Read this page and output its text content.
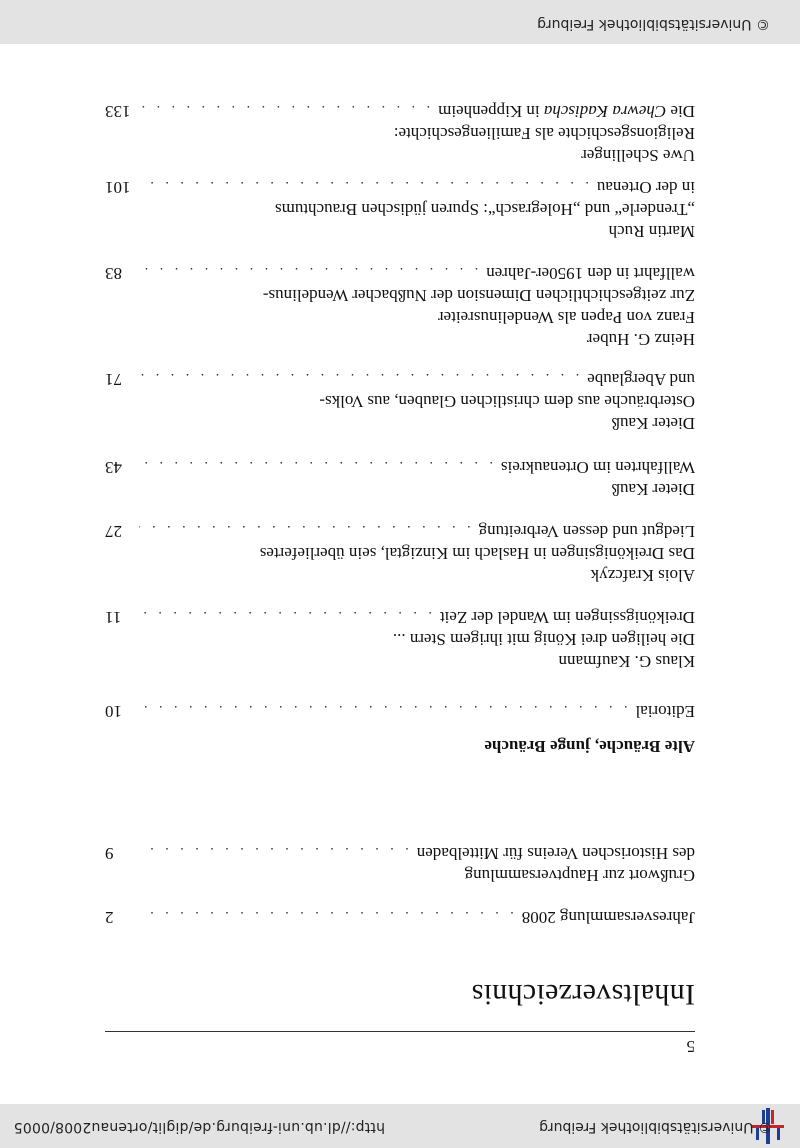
© Universitätsbibliothek Freiburg
http://dl.ub.uni-freiburg.de/diglit/ortenau2008/0005
5
Inhaltsverzeichnis
Jahresversammlung 2008
. . .
2
Grußwort zur Hauptversammlung
des Historischen Vereins für Mittelbaden
. . .
9
Alte Bräuche, junge Bräuche
Editorial
. . .
10
Klaus G. Kaufmann
Die heiligen drei König mit ihrigem Stern ...
Dreikönigssingen im Wandel der Zeit
. . .
11
Alois Krafczyk
Das Dreikönigsingen in Haslach im Kinzigtal, sein überliefertes
Liedgut und dessen Verbreitung
. . .
27
Dieter Kauß
Wallfahrten im Ortenaukreis
. . .
43
Dieter Kauß
Osterbräuche aus dem christlichen Glauben, aus Volks-
und Aberglaube
. . .
71
Heinz G. Huber
Franz von Papen als Wendelinusreiter
Zur zeitgeschichtlichen Dimension der Nußbacher Wendelinus-
wallfahrt in den 1950er-Jahren
. . .
83
Martin Ruch
„Trenderle“ und „Holegrasch“: Spuren jüdischen Brauchtums
in der Ortenau
. . .
101
Uwe Schellinger
Religionsgeschichte als Familiengeschichte:
Die Chewra Kadischa in Kippenheim
. . .
133
© Universitätsbibliothek Freiburg
